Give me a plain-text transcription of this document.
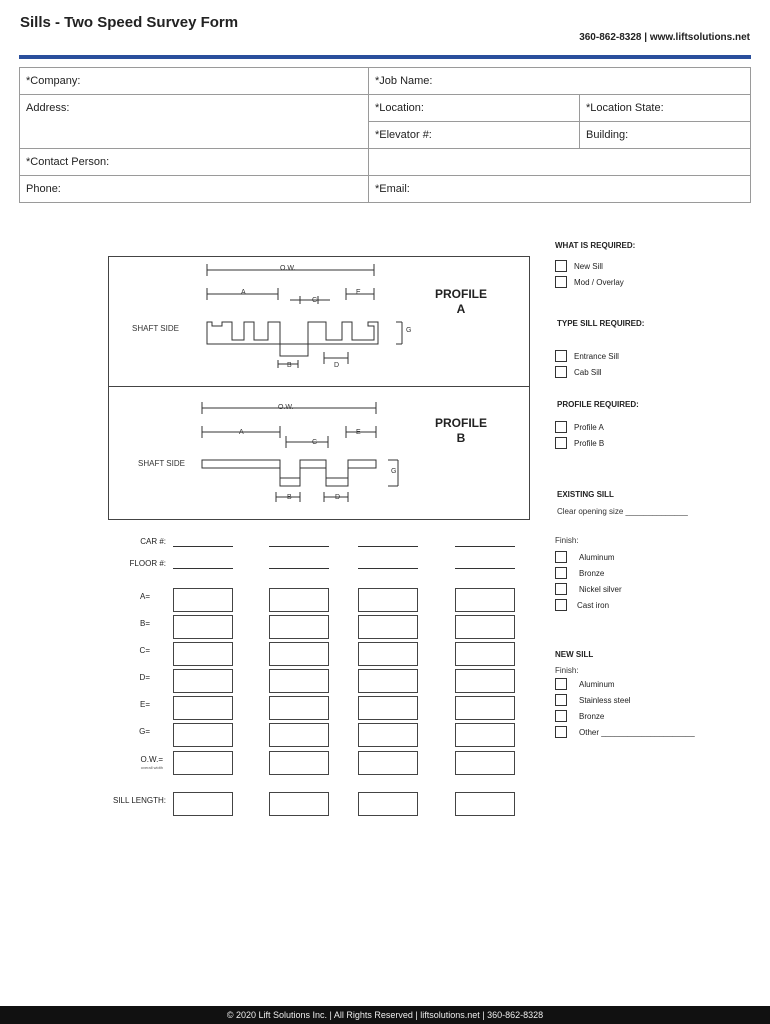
Sills - Two Speed Survey Form
360-862-8328 | www.liftsolutions.net
*Company:	*Job Name:	
Address:	*Location:	*Location State:
	*Elevator #:	Building:
*Contact Person:		
Phone:	*Email:	
O.W.
A
C
E
G
B	D
SHAFT SIDE
PROFILE
A
O.W.
A
C
E
G
B	D
SHAFT SIDE
PROFILE
B
WHAT IS REQUIRED:
New Sill
Mod / Overlay
TYPE SILL REQUIRED:
Entrance Sill
Cab Sill
PROFILE REQUIRED:
Profile A
Profile B
EXISTING SILL
Clear opening size ______________
Finish:
Aluminum
Bronze
Nickel silver
Cast iron
NEW SILL
Finish:
Aluminum
Stainless steel
Bronze
Other _____________________
CAR #:
FLOOR #:
A=
B=
C=
D=
E=
G=
O.W.=
overall width
SILL LENGTH:
© 2020 Lift Solutions Inc. | All Rights Reserved | liftsolutions.net | 360-862-8328
